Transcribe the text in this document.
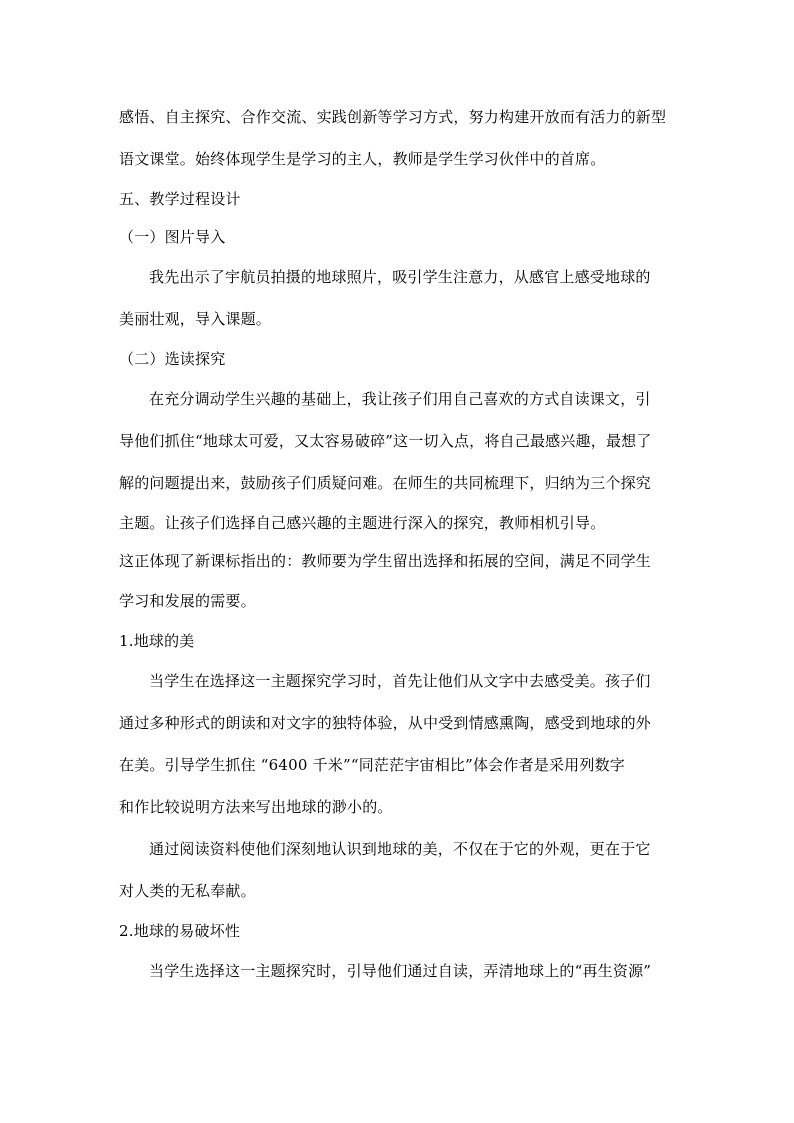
感悟、自主探究、合作交流、实践创新等学习方式，努力构建开放而有活力的新型
语文课堂。始终体现学生是学习的主人，教师是学生学习伙伴中的首席。
五、教学过程设计
（一）图片导入
我先出示了宇航员拍摄的地球照片，吸引学生注意力，从感官上感受地球的
美丽壮观，导入课题。
（二）选读探究
在充分调动学生兴趣的基础上，我让孩子们用自己喜欢的方式自读课文，引
导他们抓住“地球太可爱，又太容易破碎”这一切入点，将自己最感兴趣，最想了
解的问题提出来，鼓励孩子们质疑问难。在师生的共同梳理下，归纳为三个探究
主题。让孩子们选择自己感兴趣的主题进行深入的探究，教师相机引导。
这正体现了新课标指出的：教师要为学生留出选择和拓展的空间，满足不同学生
学习和发展的需要。
1.地球的美
当学生在选择这一主题探究学习时，首先让他们从文字中去感受美。孩子们
通过多种形式的朗读和对文字的独特体验，从中受到情感熏陶，感受到地球的外
在美。引导学生抓住 “6400 千米”“同茫茫宇宙相比”体会作者是采用列数字
和作比较说明方法来写出地球的渺小的。
通过阅读资料使他们深刻地认识到地球的美，不仅在于它的外观，更在于它
对人类的无私奉献。
2.地球的易破坏性
当学生选择这一主题探究时，引导他们通过自读，弄清地球上的“再生资源”
